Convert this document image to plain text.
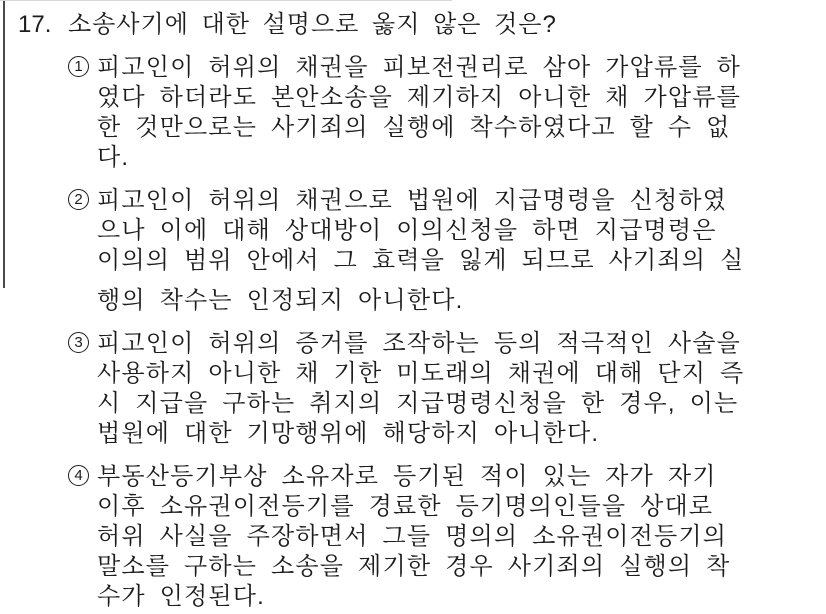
17. 소송사기에 대한 설명으로 옳지 않은 것은?
1 피고인이 허위의 채권을 피보전권리로 삼아 가압류를 하
였다 하더라도 본안소송을 제기하지 아니한 채 가압류를
한 것만으로는 사기죄의 실행에 착수하였다고 할 수 없
다.
2 피고인이 허위의 채권으로 법원에 지급명령을 신청하였
으나 이에 대해 상대방이 이의신청을 하면 지급명령은
이의의 범위 안에서 그 효력을 잃게 되므로 사기죄의 실
행의 착수는 인정되지 아니한다.
3 피고인이 허위의 증거를 조작하는 등의 적극적인 사술을
사용하지 아니한 채 기한 미도래의 채권에 대해 단지 즉
시 지급을 구하는 취지의 지급명령신청을 한 경우, 이는
법원에 대한 기망행위에 해당하지 아니한다.
4 부동산등기부상 소유자로 등기된 적이 있는 자가 자기
이후 소유권이전등기를 경료한 등기명의인들을 상대로
허위 사실을 주장하면서 그들 명의의 소유권이전등기의
말소를 구하는 소송을 제기한 경우 사기죄의 실행의 착
수가 인정된다.
